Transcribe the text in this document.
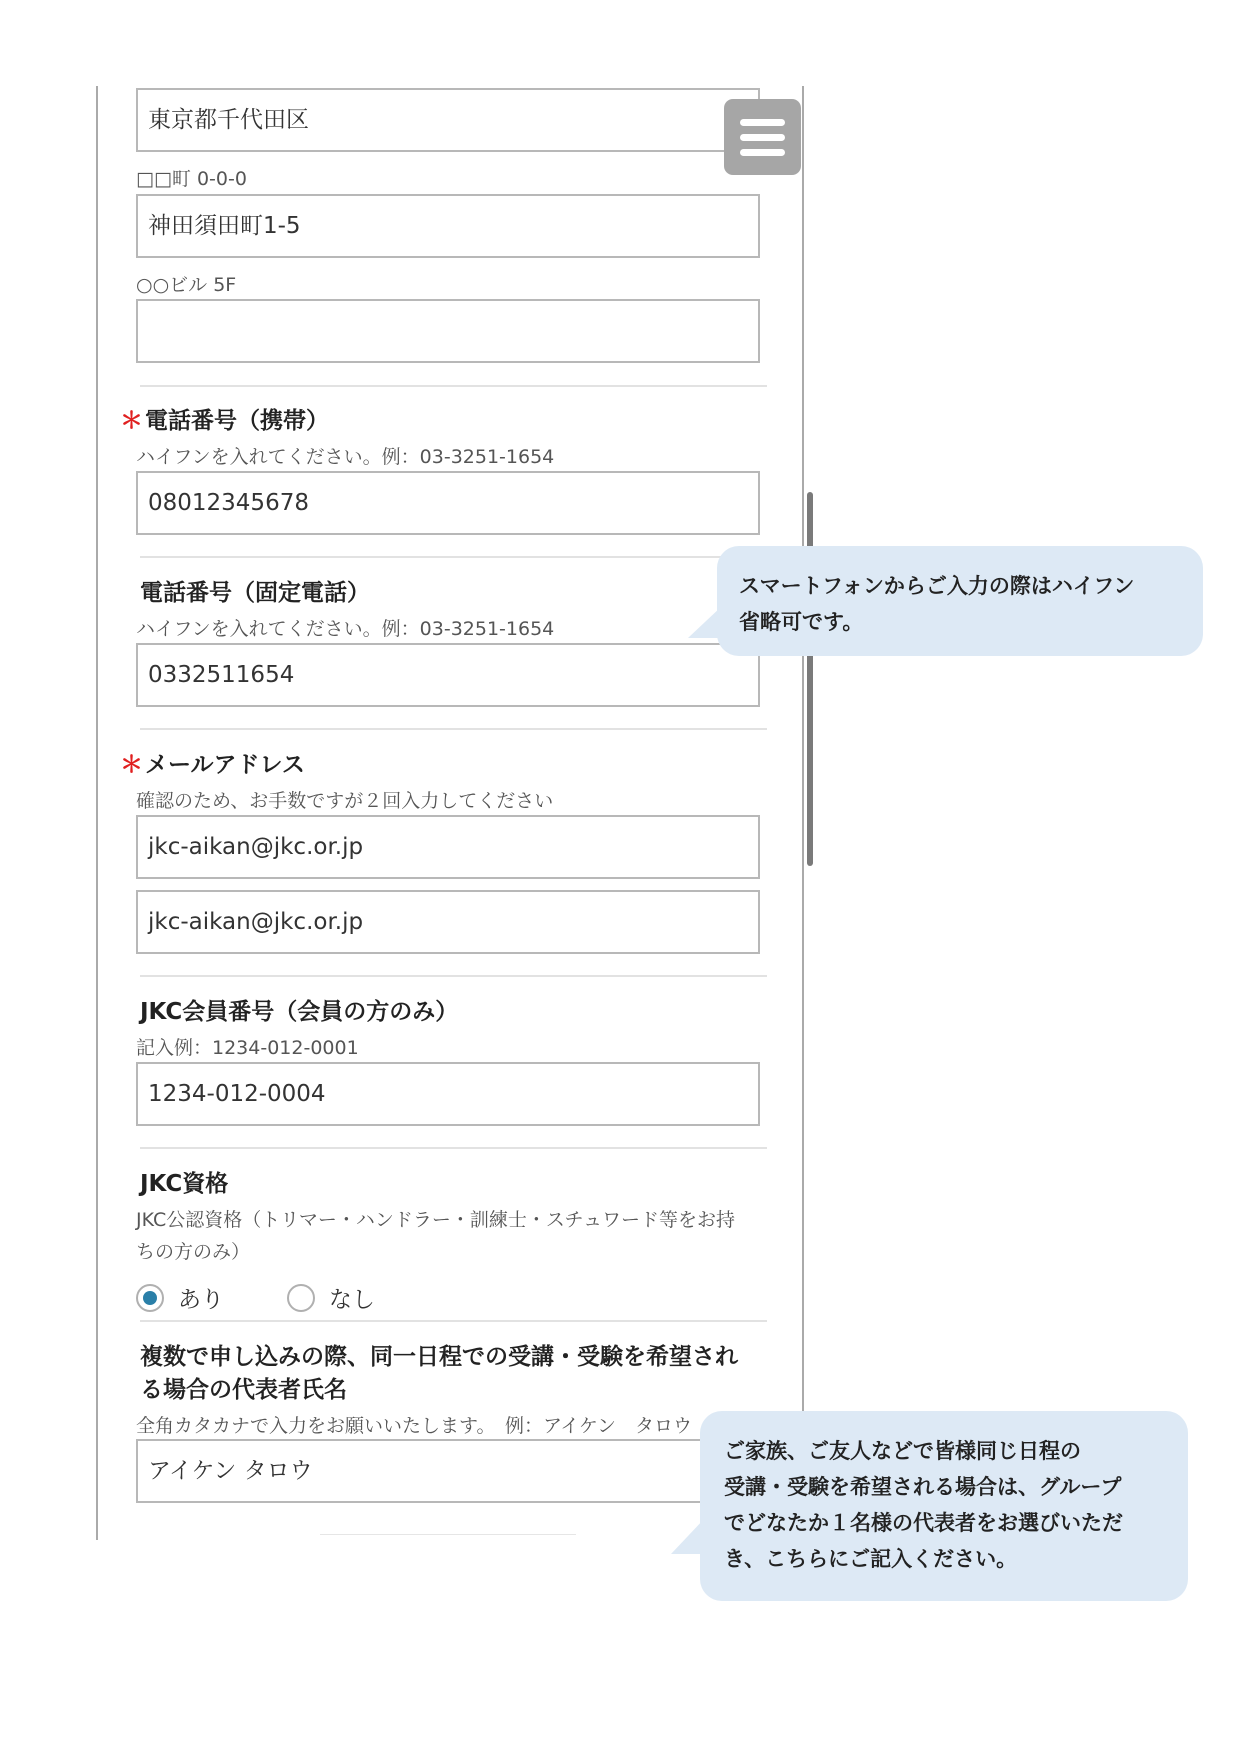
東京都千代田区
□□町 0-0-0
神田須田町1-5
○○ビル 5F
＊電話番号（携帯）
ハイフンを入れてください。例：03-3251-1654
08012345678
電話番号（固定電話）
ハイフンを入れてください。例：03-3251-1654
0332511654
＊メールアドレス
確認のため、お手数ですが２回入力してください
jkc-aikan@jkc.or.jp
jkc-aikan@jkc.or.jp
JKC会員番号（会員の方のみ）
記入例：1234-012-0001
1234-012-0004
JKC資格
JKC公認資格（トリマー・ハンドラー・訓練士・スチュワード等をお持
ちの方のみ）
あり	なし
複数で申し込みの際、同一日程での受講・受験を希望され
る場合の代表者氏名
全角カタカナで入力をお願いいたします。　例：アイケン　タロウ
アイケン タロウ
スマートフォンからご入力の際はハイフン
省略可です。
ご家族、ご友人などで皆様同じ日程の
受講・受験を希望される場合は、グループ
でどなたか１名様の代表者をお選びいただ
き、こちらにご記入ください。
